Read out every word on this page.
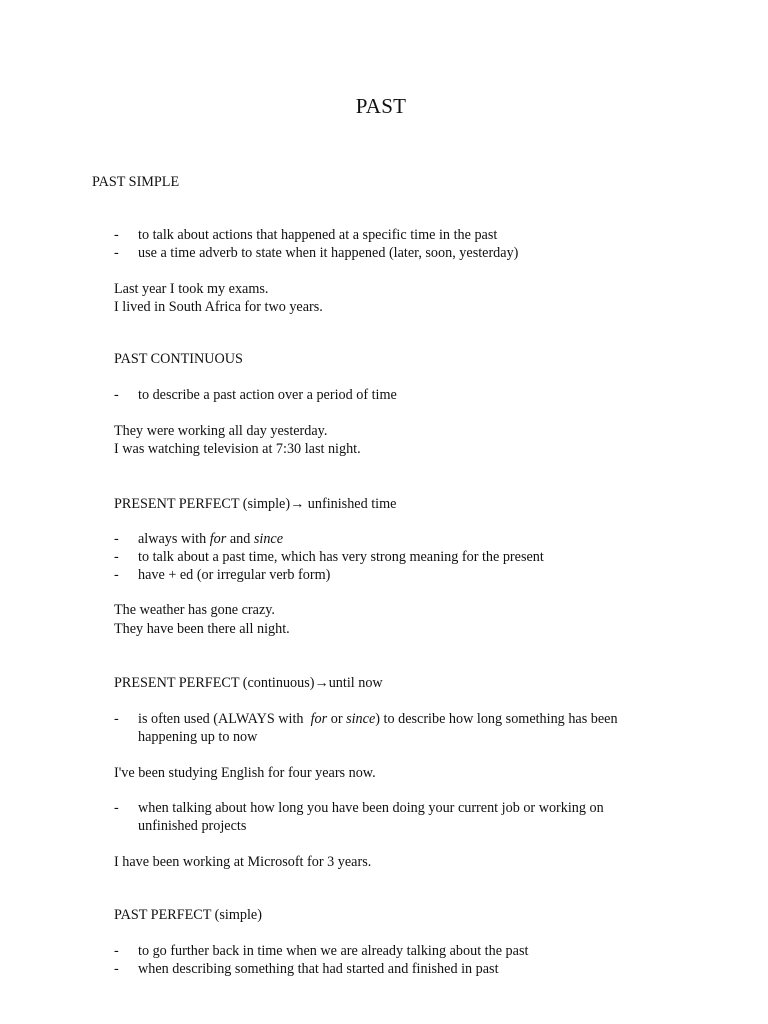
PAST
PAST SIMPLE
- to talk about actions that happened at a specific time in the past
- use a time adverb to state when it happened (later, soon, yesterday)
Last year I took my exams.
I lived in South Africa for two years.
PAST CONTINUOUS
- to describe a past action over a period of time
They were working all day yesterday.
I was watching television at 7:30 last night.
PRESENT PERFECT (simple)→ unfinished time
- always with for and since
- to talk about a past time, which has very strong meaning for the present
- have + ed (or irregular verb form)
The weather has gone crazy.
They have been there all night.
PRESENT PERFECT (continuous)→until now
- is often used (ALWAYS with  for or since) to describe how long something has been
happening up to now
I've been studying English for four years now.
- when talking about how long you have been doing your current job or working on
unfinished projects
I have been working at Microsoft for 3 years.
PAST PERFECT (simple)
- to go further back in time when we are already talking about the past
- when describing something that had started and finished in past
